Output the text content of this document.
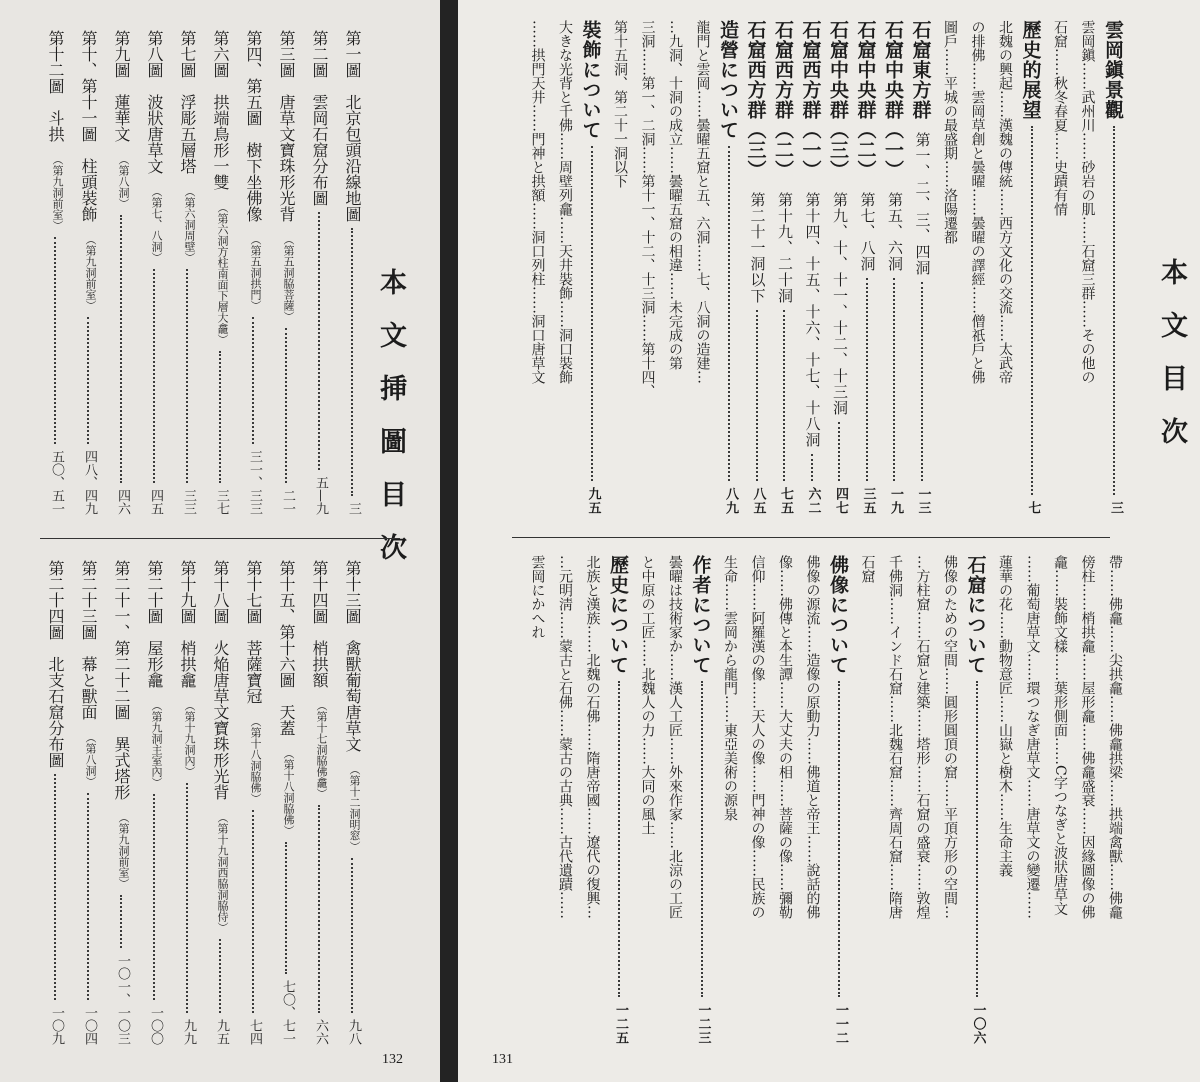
本文挿圖目次
第一圖　北京包頭沿線地圖
三
第二圖　雲岡石窟分布圖
五—九
第三圖　唐草文寶珠形光背
（第五洞脇菩薩）
二一
第四、第五圖　樹下坐佛像
（第五洞拱門）
三一、三三
第六圖　拱端鳥形一雙
（第六洞方柱南面下層大龕）
三七
第七圖　浮彫五層塔
（第六洞周壁）
三三
第八圖　波狀唐草文
（第七、八洞）
四五
第九圖　蓮華文
（第八洞）
四六
第十、第十一圖　柱頭裝飾
（第九洞前室）
四八、四九
第十二圖　斗拱
（第九洞前室）
五〇、五一
第十三圖　禽獸葡萄唐草文
（第十二洞明窓）
九八
第十四圖　梢拱額
（第十七洞脇佛龕）
六六
第十五、第十六圖　天蓋
（第十八洞脇佛）
七〇、七一
第十七圖　菩薩寶冠
（第十八洞脇佛）
七四
第十八圖　火焔唐草文寶珠形光背
（第十九洞西脇洞脇侍）
九五
第十九圖　梢拱龕
（第十九洞內）
九九
第二十圖　屋形龕
（第九洞主室內）
一〇〇
第二十一、第二十二圖　異式塔形
（第九洞前室）
一〇一、一〇三
第二十三圖　幕と獸面
（第八洞）
一〇四
第二十四圖　北支石窟分布圖
一〇九
132
本文目次
雲岡鎭景觀
三
雲岡鎭……武州川……砂岩の肌……石窟三群……その他の
石窟……秋冬春夏……史蹟有情
歷史的展望
七
北魏の興起……漢魏の傳統……西方文化の交流……太武帝
の排佛……雲岡草創と曇曜……曇曜の譯經……僧祇戶と佛
圖戶……平城の最盛期……洛陽遷都
石窟東方群
第一、二、三、四洞
一三
石窟中央群（一）
第五、六洞
一九
石窟中央群（二）
第七、八洞
三五
石窟中央群（三）
第九、十、十一、十二、十三洞
四七
石窟西方群（一）
第十四、十五、十六、十七、十八洞
六二
石窟西方群（二）
第十九、二十洞
七五
石窟西方群（三）
第二十一洞以下
八五
造營について
八九
龍門と雲岡……曇曜五窟と五、六洞……七、八洞の造建…
…九洞、十洞の成立……曇曜五窟の相違……未完成の第
三洞……第一、二洞……第十一、十二、十三洞……第十四、
第十五洞、第二十一洞以下
裝飾について
九五
大きな光背と千佛……周壁列龕……天井裝飾……洞口裝飾
……拱門天井……門神と拱額……洞口列柱……洞口唐草文
帶……佛龕……尖拱龕……佛龕拱梁……拱端禽獸……佛龕
傍柱……梢拱龕……屋形龕……佛龕盛衰……因緣圖像の佛
龕……裝飾文樣……葉形側面……C字つなぎと波狀唐草文
……葡萄唐草文……環つなぎ唐草文……唐草文の變遷……
蓮華の花……動物意匠……山嶽と樹木……生命主義
石窟について
一〇六
佛像のための空間……圓形圓頂の窟……平頂方形の空間…
…方柱窟……石窟と建築……塔形……石窟の盛衰……敦煌
千佛洞……インド石窟……北魏石窟……齊周石窟……隋唐
石窟
佛像について
一一二
佛像の源流……造像の原動力……佛道と帝王……說話的佛
像……佛傳と本生譚……大丈夫の相……菩薩の像……彌勒
信仰……阿羅漢の像……天人の像……門神の像……民族の
生命……雲岡から龍門……東亞美術の源泉
作者について
一二三
曇曜は技術家か……漢人工匠……外來作家……北涼の工匠
と中原の工匠……北魏人の力……大同の風土
歷史について
一二五
北族と漢族……北魏の石佛……隋唐帝國……遼代の復興…
…元明淸……蒙古と石佛……蒙古の古典……古代遺蹟……
雲岡にかへれ
131
